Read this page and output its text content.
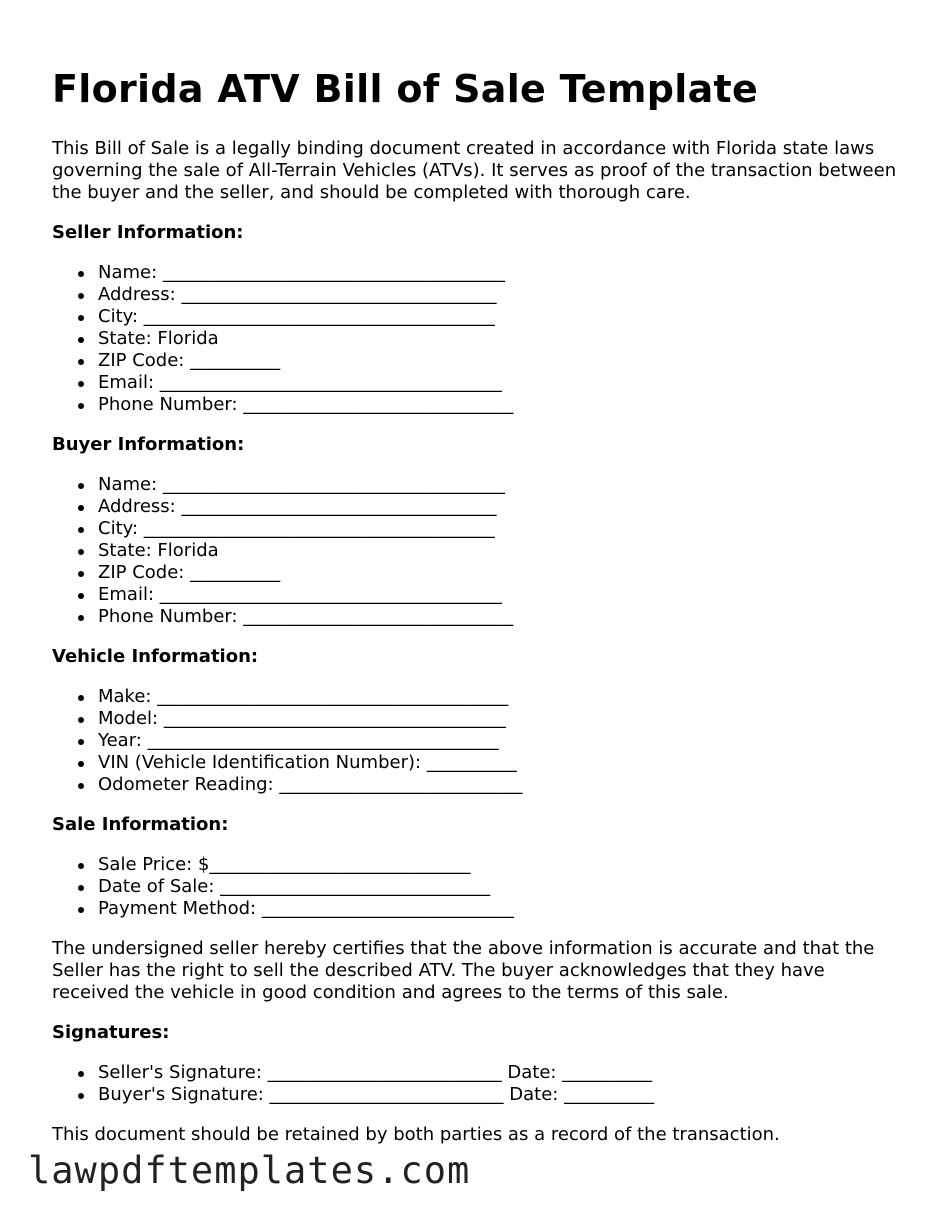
Florida ATV Bill of Sale Template

This Bill of Sale is a legally binding document created in accordance with Florida state laws governing the sale of All-Terrain Vehicles (ATVs). It serves as proof of the transaction between the buyer and the seller, and should be completed with thorough care.

Seller Information:
Name: ______________________________________
Address: ___________________________________
City: _______________________________________
State: Florida
ZIP Code: __________
Email: ______________________________________
Phone Number: ______________________________
Buyer Information:
Name: ______________________________________
Address: ___________________________________
City: _______________________________________
State: Florida
ZIP Code: __________
Email: ______________________________________
Phone Number: ______________________________
Vehicle Information:
Make: _______________________________________
Model: ______________________________________
Year: _______________________________________
VIN (Vehicle Identification Number): __________
Odometer Reading: ___________________________
Sale Information:
Sale Price: $_____________________________
Date of Sale: ______________________________
Payment Method: ____________________________

The undersigned seller hereby certifies that the above information is accurate and that the Seller has the right to sell the described ATV. The buyer acknowledges that they have received the vehicle in good condition and agrees to the terms of this sale.

Signatures:
Seller's Signature: __________________________ Date: __________
Buyer's Signature: __________________________ Date: __________

This document should be retained by both parties as a record of the transaction.

lawpdftemplates.com
